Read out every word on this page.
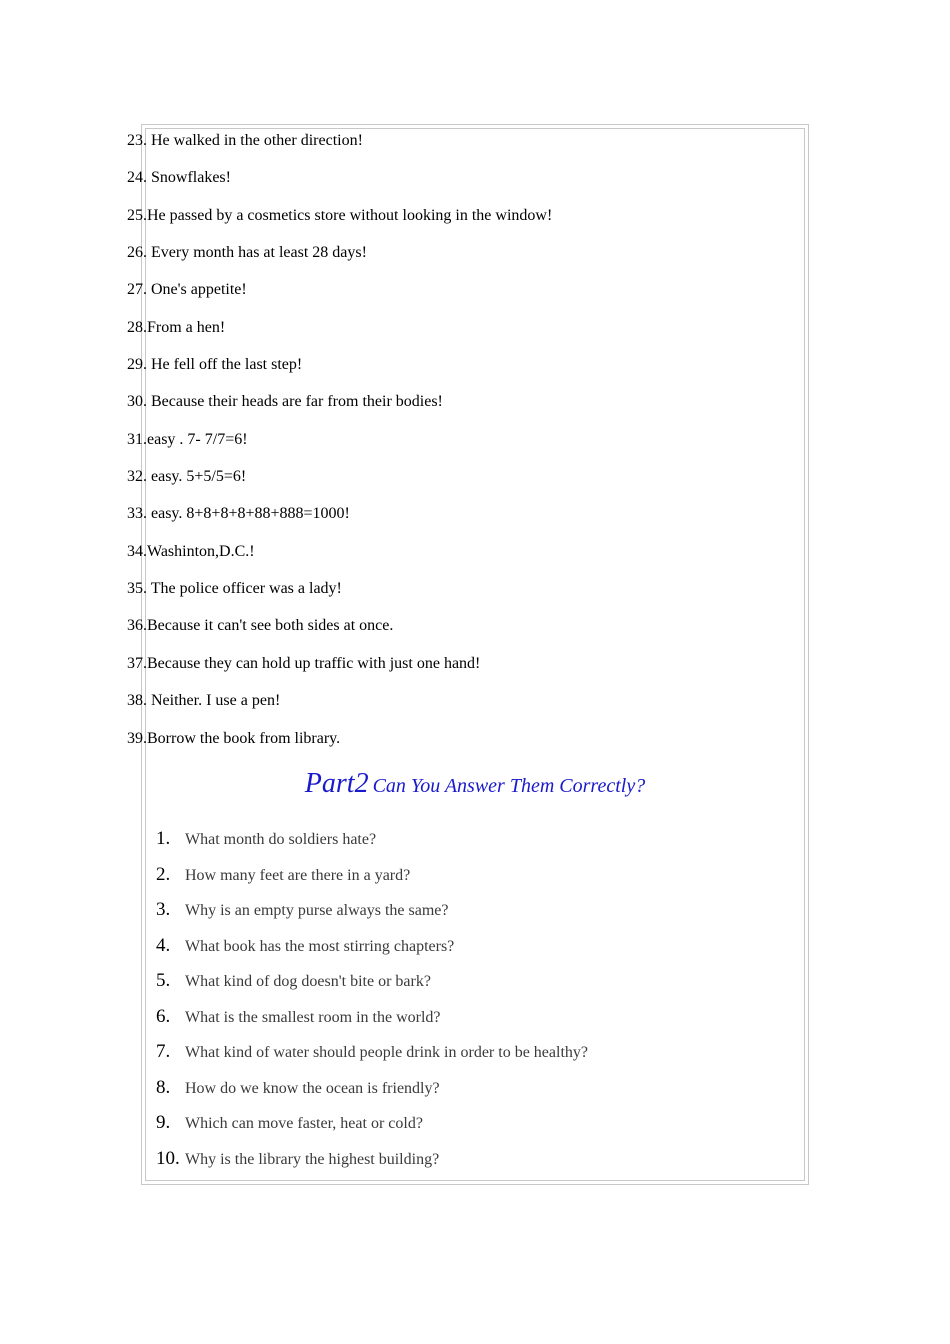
23. He walked in the other direction!
24. Snowflakes!
25.He passed by a cosmetics store without looking in the window!
26. Every month has at least 28 days!
27. One's appetite!
28.From a hen!
29. He fell off the last step!
30. Because their heads are far from their bodies!
31.easy . 7- 7/7=6!
32. easy. 5+5/5=6!
33. easy. 8+8+8+8+88+888=1000!
34.Washinton,D.C.!
35. The police officer was a lady!
36.Because it can't see both sides at once.
37.Because they can hold up traffic with just one hand!
38. Neither. I use a pen!
39.Borrow the book from library.
Part2 Can You Answer Them Correctly?
1. What month do soldiers hate?
2. How many feet are there in a yard?
3. Why is an empty purse always the same?
4. What book has the most stirring chapters?
5. What kind of dog doesn't bite or bark?
6. What is the smallest room in the world?
7. What kind of water should people drink in order to be healthy?
8. How do we know the ocean is friendly?
9. Which can move faster, heat or cold?
10. Why is the library the highest building?
